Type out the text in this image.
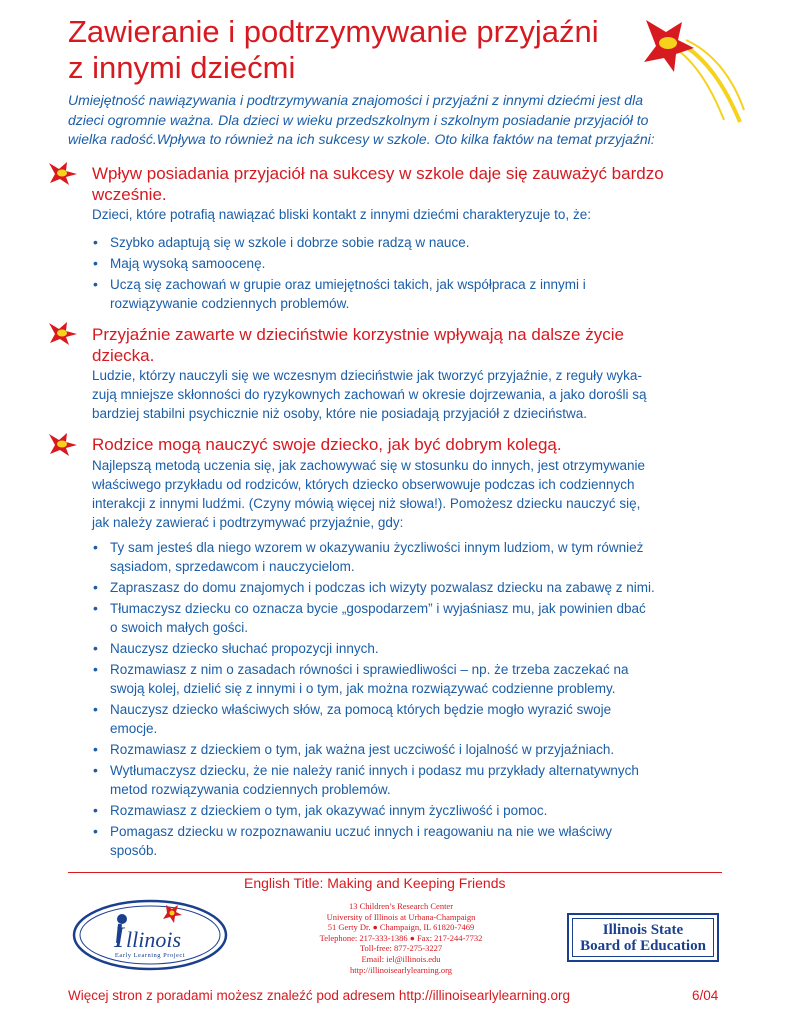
Zawieranie i podtrzymywanie przyjaźni
z innymi dziećmi
Umiejętność nawiązywania i podtrzymywania znajomości i przyjaźni z innymi dziećmi jest dla
dzieci ogromnie ważna. Dla dzieci w wieku przedszkolnym i szkolnym posiadanie przyjaciół to
wielka radość.Wpływa to również na ich sukcesy w szkole. Oto kilka faktów na temat przyjaźni:
Wpływ posiadania przyjaciół na sukcesy w szkole daje się zauważyć bardzo
wcześnie.
Dzieci, które potrafią nawiązać bliski kontakt z innymi dziećmi charakteryzuje to, że:
• Szybko adaptują się w szkole i dobrze sobie radzą w nauce.
• Mają wysoką samoocenę.
• Uczą się zachowań w grupie oraz umiejętności takich, jak współpraca z innymi i
rozwiązywanie codziennych problemów.
Przyjaźnie zawarte w dzieciństwie korzystnie wpływają na dalsze życie
dziecka.
Ludzie, którzy nauczyli się we wczesnym dzieciństwie jak tworzyć przyjaźnie, z reguły wyka-
zują mniejsze skłonności do ryzykownych zachowań w okresie dojrzewania, a jako dorośli są
bardziej stabilni psychicznie niż osoby, które nie posiadają przyjaciół z dzieciństwa.
Rodzice mogą nauczyć swoje dziecko, jak być dobrym kolegą.
Najlepszą metodą uczenia się, jak zachowywać się w stosunku do innych, jest otrzymywanie
właściwego przykładu od rodziców, których dziecko obserwowuje podczas ich codziennych
interakcji z innymi ludźmi. (Czyny mówią więcej niż słowa!). Pomożesz dziecku nauczyć się,
jak należy zawierać i podtrzymywać przyjaźnie, gdy:
• Ty sam jesteś dla niego wzorem w okazywaniu życzliwości innym ludziom, w tym również
sąsiadom, sprzedawcom i nauczycielom.
• Zapraszasz do domu znajomych i podczas ich wizyty pozwalasz dziecku na zabawę z nimi.
• Tłumaczysz dziecku co oznacza bycie „gospodarzem” i wyjaśniasz mu, jak powinien dbać
o swoich małych gości.
• Nauczysz dziecko słuchać propozycji innych.
• Rozmawiasz z nim o zasadach równości i sprawiedliwości – np. że trzeba zaczekać na
swoją kolej, dzielić się z innymi i o tym, jak można rozwiązywać codzienne problemy.
• Nauczysz dziecko właściwych słów, za pomocą których będzie mogło wyrazić swoje
emocje.
• Rozmawiasz z dzieckiem o tym, jak ważna jest uczciwość i lojalność w przyjaźniach.
• Wytłumaczysz dziecku, że nie należy ranić innych i podasz mu przykłady alternatywnych
metod rozwiązywania codziennych problemów.
• Rozmawiasz z dzieckiem o tym, jak okazywać innym życzliwość i pomoc.
• Pomagasz dziecku w rozpoznawaniu uczuć innych i reagowaniu na nie we właściwy
sposób.
English Title: Making and Keeping Friends
I llinois
Early Learning Project
13 Children’s Research Center
University of Illinois at Urbana-Champaign
51 Gerty Dr. ● Champaign, IL 61820-7469
Telephone: 217-333-1386 ● Fax: 217-244-7732
Toll-free: 877-275-3227
Email: iel@illinois.edu
http://illinoisearlylearning.org
Illinois State
Board of Education
Więcej stron z poradami możesz znaleźć pod adresem http://illinoisearlylearning.org	6/04
